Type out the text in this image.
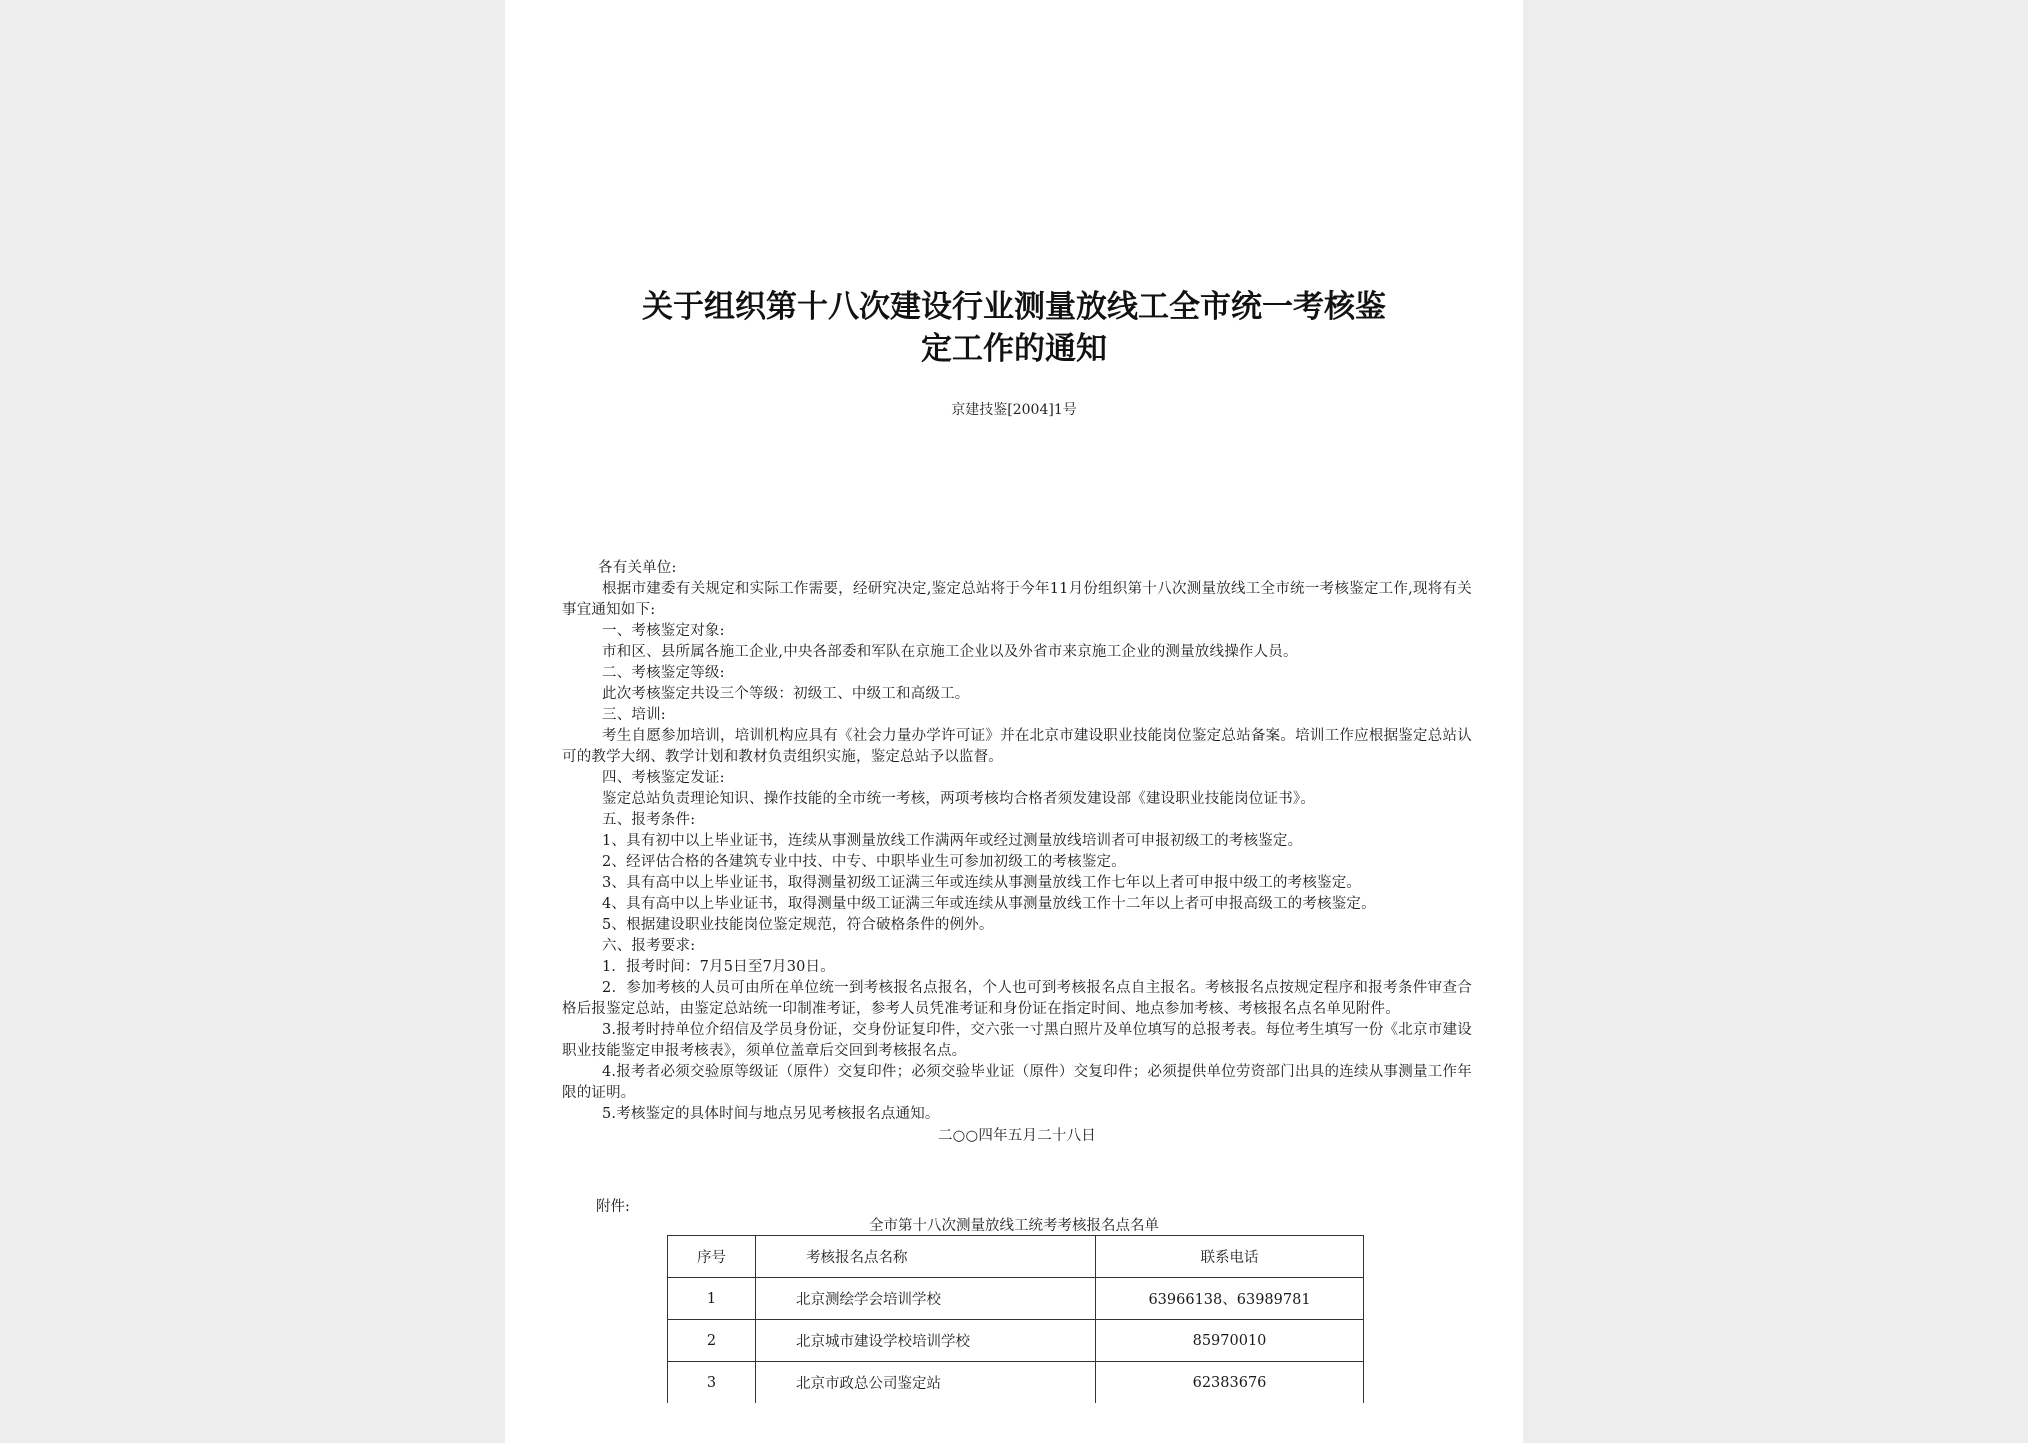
关于组织第十八次建设行业测量放线工全市统一考核鉴
定工作的通知
京建技鉴[2004]1号

各有关单位:

根据市建委有关规定和实际工作需要，经研究决定,鉴定总站将于今年11月份组织第十八次测量放线工全市统一考核鉴定工作,现将有关事宜通知如下:

一、考核鉴定对象:

市和区、县所属各施工企业,中央各部委和军队在京施工企业以及外省市来京施工企业的测量放线操作人员。

二、考核鉴定等级:

此次考核鉴定共设三个等级：初级工、中级工和高级工。

三、培训:

考生自愿参加培训，培训机构应具有《社会力量办学许可证》并在北京市建设职业技能岗位鉴定总站备案。培训工作应根据鉴定总站认可的教学大纲、教学计划和教材负责组织实施，鉴定总站予以监督。

四、考核鉴定发证:

鉴定总站负责理论知识、操作技能的全市统一考核，两项考核均合格者须发建设部《建设职业技能岗位证书》。

五、报考条件:

1、具有初中以上毕业证书，连续从事测量放线工作满两年或经过测量放线培训者可申报初级工的考核鉴定。

2、经评估合格的各建筑专业中技、中专、中职毕业生可参加初级工的考核鉴定。

3、具有高中以上毕业证书，取得测量初级工证满三年或连续从事测量放线工作七年以上者可申报中级工的考核鉴定。

4、具有高中以上毕业证书，取得测量中级工证满三年或连续从事测量放线工作十二年以上者可申报高级工的考核鉴定。

5、根据建设职业技能岗位鉴定规范，符合破格条件的例外。

六、报考要求:

1．报考时间：7月5日至7月30日。

2．参加考核的人员可由所在单位统一到考核报名点报名，个人也可到考核报名点自主报名。考核报名点按规定程序和报考条件审查合格后报鉴定总站，由鉴定总站统一印制准考证，参考人员凭准考证和身份证在指定时间、地点参加考核、考核报名点名单见附件。

3.报考时持单位介绍信及学员身份证，交身份证复印件，交六张一寸黑白照片及单位填写的总报考表。每位考生填写一份《北京市建设职业技能鉴定申报考核表》，须单位盖章后交回到考核报名点。

4.报考者必须交验原等级证（原件）交复印件；必须交验毕业证（原件）交复印件；必须提供单位劳资部门出具的连续从事测量工作年限的证明。

5.考核鉴定的具体时间与地点另见考核报名点通知。

二○○四年五月二十八日

附件:
全市第十八次测量放线工统考考核报名点名单
序号	考核报名点名称	联系电话
1	北京测绘学会培训学校	63966138、63989781
2	北京城市建设学校培训学校	85970010
3	北京市政总公司鉴定站	62383676
